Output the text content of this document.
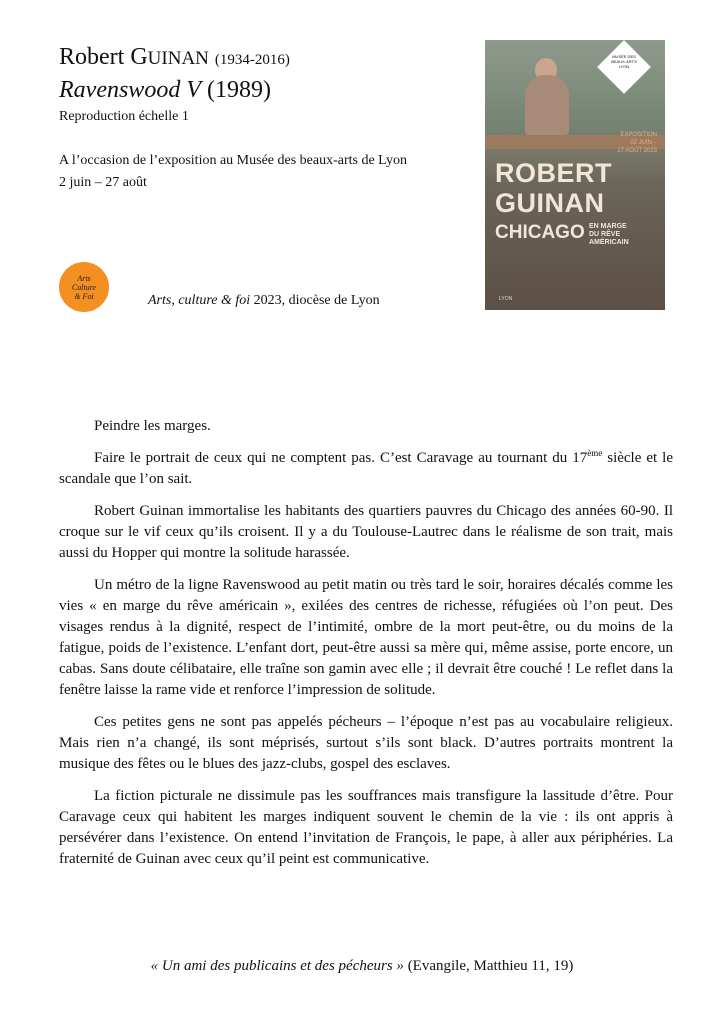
Robert GUINAN (1934-2016)

Ravenswood V (1989)

Reproduction échelle 1
A l’occasion de l’exposition au Musée des beaux-arts de Lyon
2 juin – 27 août
Arts
Culture
& Foi	Arts, culture & foi 2023, diocèse de Lyon
MUSÉE DES BEAUX-ARTS LYON
EXPOSITION
02 JUIN –
27 AOÛT 2023
ROBERT
GUINAN
CHICAGO EN MARGE
DU RÊVE
AMÉRICAIN
LYON

Peindre les marges.

Faire le portrait de ceux qui ne comptent pas. C’est Caravage au tournant du 17ème siècle et le scandale que l’on sait.

Robert Guinan immortalise les habitants des quartiers pauvres du Chicago des années 60-90. Il croque sur le vif ceux qu’ils croisent. Il y a du Toulouse-Lautrec dans le réalisme de son trait, mais aussi du Hopper qui montre la solitude harassée.

Un métro de la ligne Ravenswood au petit matin ou très tard le soir, horaires décalés comme les vies « en marge du rêve américain », exilées des centres de richesse, réfugiées où l’on peut. Des visages rendus à la dignité, respect de l’intimité, ombre de la mort peut-être, ou du moins de la fatigue, poids de l’existence. L’enfant dort, peut-être aussi sa mère qui, même assise, porte encore, un cabas. Sans doute célibataire, elle traîne son gamin avec elle ; il devrait être couché ! Le reflet dans la fenêtre laisse la rame vide et renforce l’impression de solitude.

Ces petites gens ne sont pas appelés pécheurs – l’époque n’est pas au vocabulaire religieux. Mais rien n’a changé, ils sont méprisés, surtout s’ils sont black. D’autres portraits montrent la musique des fêtes ou le blues des jazz-clubs, gospel des esclaves.

La fiction picturale ne dissimule pas les souffrances mais transfigure la lassitude d’être. Pour Caravage ceux qui habitent les marges indiquent souvent le chemin de la vie : ils ont appris à persévérer dans l’existence. On entend l’invitation de François, le pape, à aller aux périphéries. La fraternité de Guinan avec ceux qu’il peint est communicative.

« Un ami des publicains et des pécheurs » (Evangile, Matthieu 11, 19)
